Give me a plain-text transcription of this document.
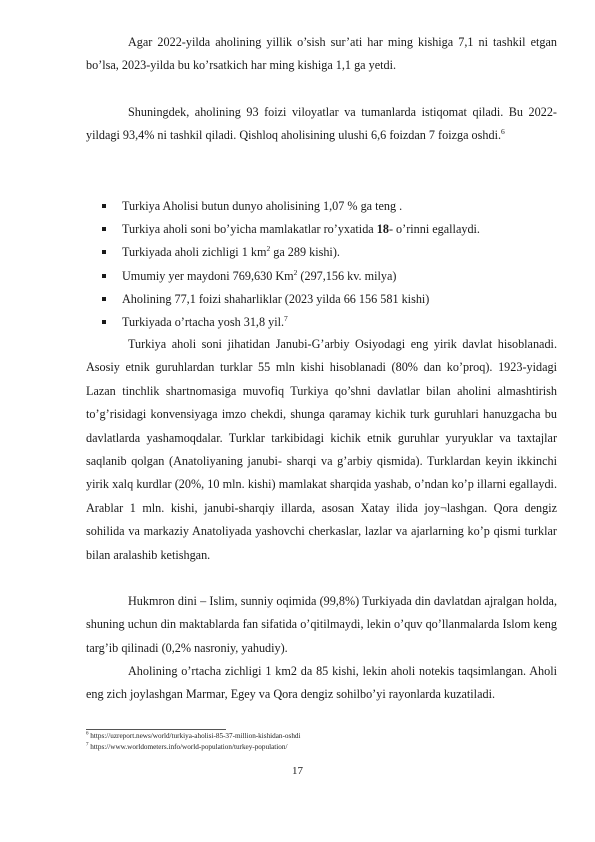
Agar 2022-yilda aholining yillik o’sish sur’ati har ming kishiga 7,1 ni tashkil etgan bo’lsa, 2023-yilda bu ko’rsatkich har ming kishiga 1,1 ga yetdi.

Shuningdek, aholining 93 foizi viloyatlar va tumanlarda istiqomat qiladi. Bu 2022-yildagi 93,4% ni tashkil qiladi. Qishloq aholisining ulushi 6,6 foizdan 7 foizga oshdi.$^6$

Turkiya Aholisi butun dunyo aholisining 1,07 % ga teng .
Turkiya aholi soni bo’yicha mamlakatlar ro’yxatida 18- o’rinni egallaydi.
Turkiyada aholi zichligi 1 $km^2$ ga 289 kishi).
Umumiy yer maydoni 769,630 Km$^2$ (297,156 kv. milya)
Aholining 77,1 foizi shaharliklar (2023 yilda 66 156 581 kishi)
Turkiyada o’rtacha yosh 31,8 yil.$^7$

Turkiya aholi soni jihatidan Janubi-G’arbiy Osiyodagi eng yirik davlat hisoblanadi. Asosiy etnik guruhlardan turklar 55 mln kishi hisoblanadi (80% dan ko’proq). 1923-yidagi Lazan tinchlik shartnomasiga muvofiq Turkiya qo’shni davlatlar bilan aholini almashtirish to’g’risidagi konvensiyaga imzo chekdi, shunga qaramay kichik turk guruhlari hanuzgacha bu davlatlarda yashamoqdalar. Turklar tarkibidagi kichik etnik guruhlar yuryuklar va taxtajlar saqlanib qolgan (Anatoliyaning janubi- sharqi va g’arbiy qismida). Turklardan keyin ikkinchi yirik xalq kurdlar (20%, 10 mln. kishi) mamlakat sharqida yashab, o’ndan ko’p illarni egallaydi. Arablar 1 mln. kishi, janubi-sharqiy illarda, asosan Xatay ilida joy¬lashgan. Qora dengiz sohilida va markaziy Anatoliyada yashovchi cherkaslar, lazlar va ajarlarning ko’p qismi turklar bilan aralashib ketishgan.

Hukmron dini – Islim, sunniy oqimida (99,8%) Turkiyada din davlatdan ajralgan holda, shuning uchun din maktablarda fan sifatida o’qitilmaydi, lekin o’quv qo’llanmalarda Islom keng targ’ib qilinadi (0,2% nasroniy, yahudiy).

Aholining o’rtacha zichligi 1 km2 da 85 kishi, lekin aholi notekis taqsimlangan. Aholi eng zich joylashgan Marmar, Egey va Qora dengiz sohilbo’yi rayonlarda kuzatiladi.

$^6$ https://uzreport.news/world/turkiya-aholisi-85-37-million-kishidan-oshdi
$^7$ https://www.worldometers.info/world-population/turkey-population/
17
